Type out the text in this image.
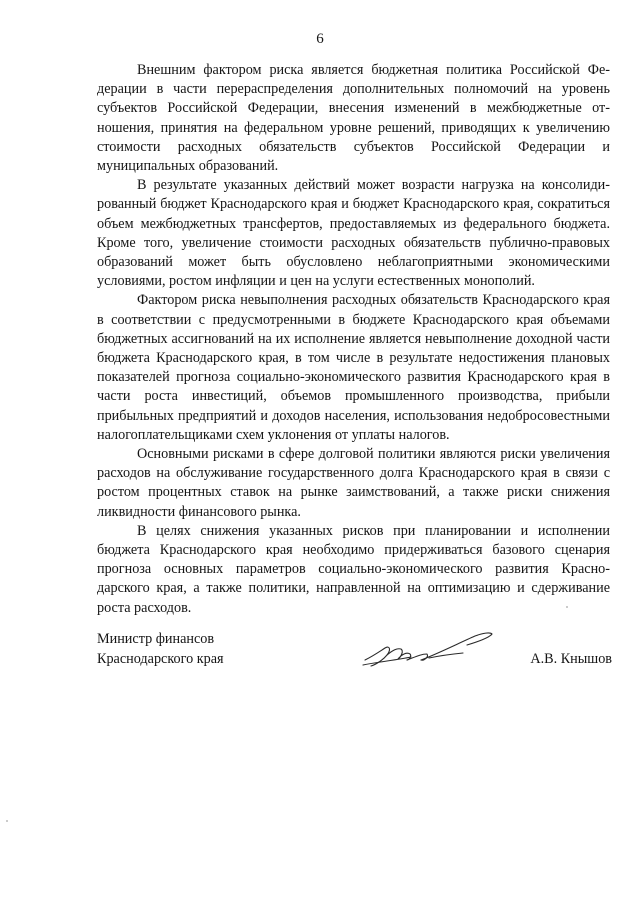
6

Внешним фактором риска является бюджетная политика Российской Федерации в части перераспределения дополнительных полномочий на уровень субъектов Российской Федерации, внесения изменений в межбюджетные отношения, принятия на федеральном уровне решений, приводящих к увеличению стоимости расходных обязательств субъектов Российской Федерации и муниципальных образований.

В результате указанных действий может возрасти нагрузка на консолидированный бюджет Краснодарского края и бюджет Краснодарского края, сократиться объем межбюджетных трансфертов, предоставляемых из федерального бюджета. Кроме того, увеличение стоимости расходных обязательств публично-правовых образований может быть обусловлено неблагоприятными экономическими условиями, ростом инфляции и цен на услуги естественных монополий.

Фактором риска невыполнения расходных обязательств Краснодарского края в соответствии с предусмотренными в бюджете Краснодарского края объемами бюджетных ассигнований на их исполнение является невыполнение доходной части бюджета Краснодарского края, в том числе в результате недостижения плановых показателей прогноза социально-экономического развития Краснодарского края в части роста инвестиций, объемов промышленного производства, прибыли прибыльных предприятий и доходов населения, использования недобросовестными налогоплательщиками схем уклонения от уплаты налогов.

Основными рисками в сфере долговой политики являются риски увеличения расходов на обслуживание государственного долга Краснодарского края в связи с ростом процентных ставок на рынке заимствований, а также риски снижения ликвидности финансового рынка.

В целях снижения указанных рисков при планировании и исполнении бюджета Краснодарского края необходимо придерживаться базового сценария прогноза основных параметров социально-экономического развития Краснодарского края, а также политики, направленной на оптимизацию и сдерживание роста расходов.

Министр финансов
Краснодарского края	А.В. Кнышов
